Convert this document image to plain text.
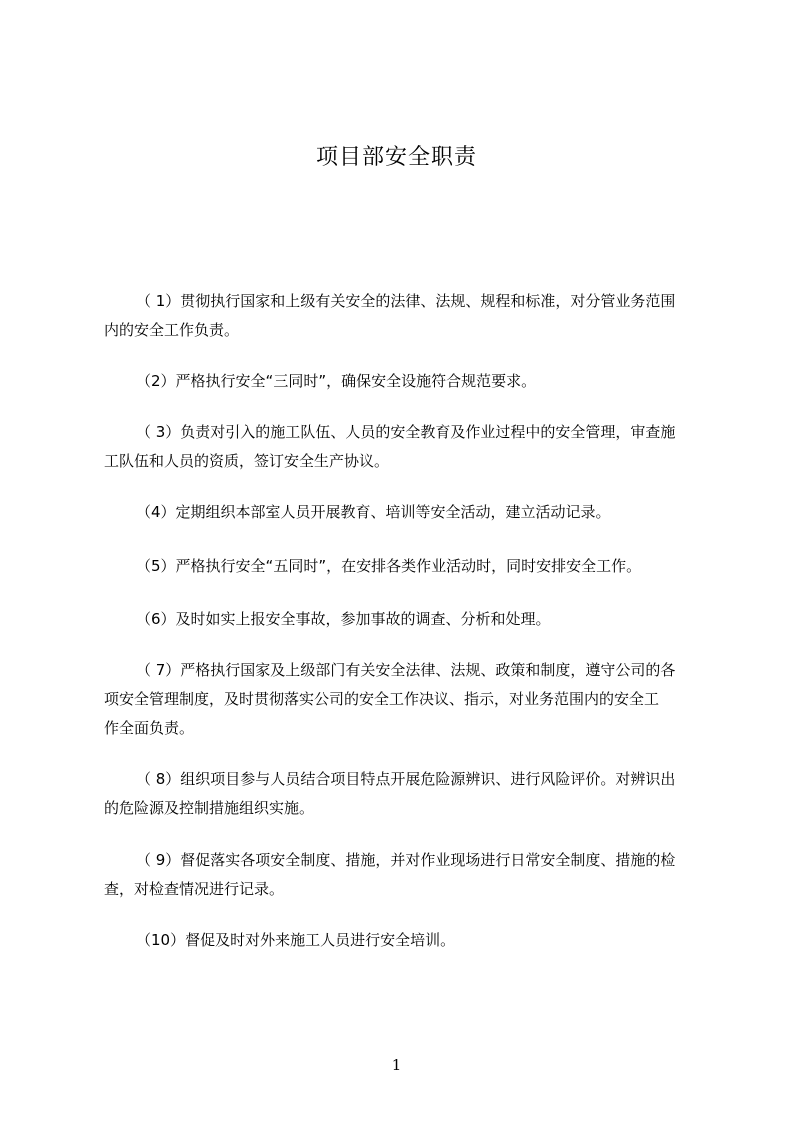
项目部安全职责
（ 1）贯彻执行国家和上级有关安全的法律、法规、规程和标准，对分管业务范围
内的安全工作负责。
（2）严格执行安全“三同时”，确保安全设施符合规范要求。
（ 3）负责对引入的施工队伍、人员的安全教育及作业过程中的安全管理，审查施
工队伍和人员的资质，签订安全生产协议。
（4）定期组织本部室人员开展教育、培训等安全活动，建立活动记录。
（5）严格执行安全“五同时”，在安排各类作业活动时，同时安排安全工作。
（6）及时如实上报安全事故，参加事故的调查、分析和处理。
（ 7）严格执行国家及上级部门有关安全法律、法规、政策和制度，遵守公司的各
项安全管理制度，及时贯彻落实公司的安全工作决议、指示，对业务范围内的安全工
作全面负责。
（ 8）组织项目参与人员结合项目特点开展危险源辨识、进行风险评价。对辨识出
的危险源及控制措施组织实施。
（ 9）督促落实各项安全制度、措施，并对作业现场进行日常安全制度、措施的检
查，对检查情况进行记录。
（10）督促及时对外来施工人员进行安全培训。
1
